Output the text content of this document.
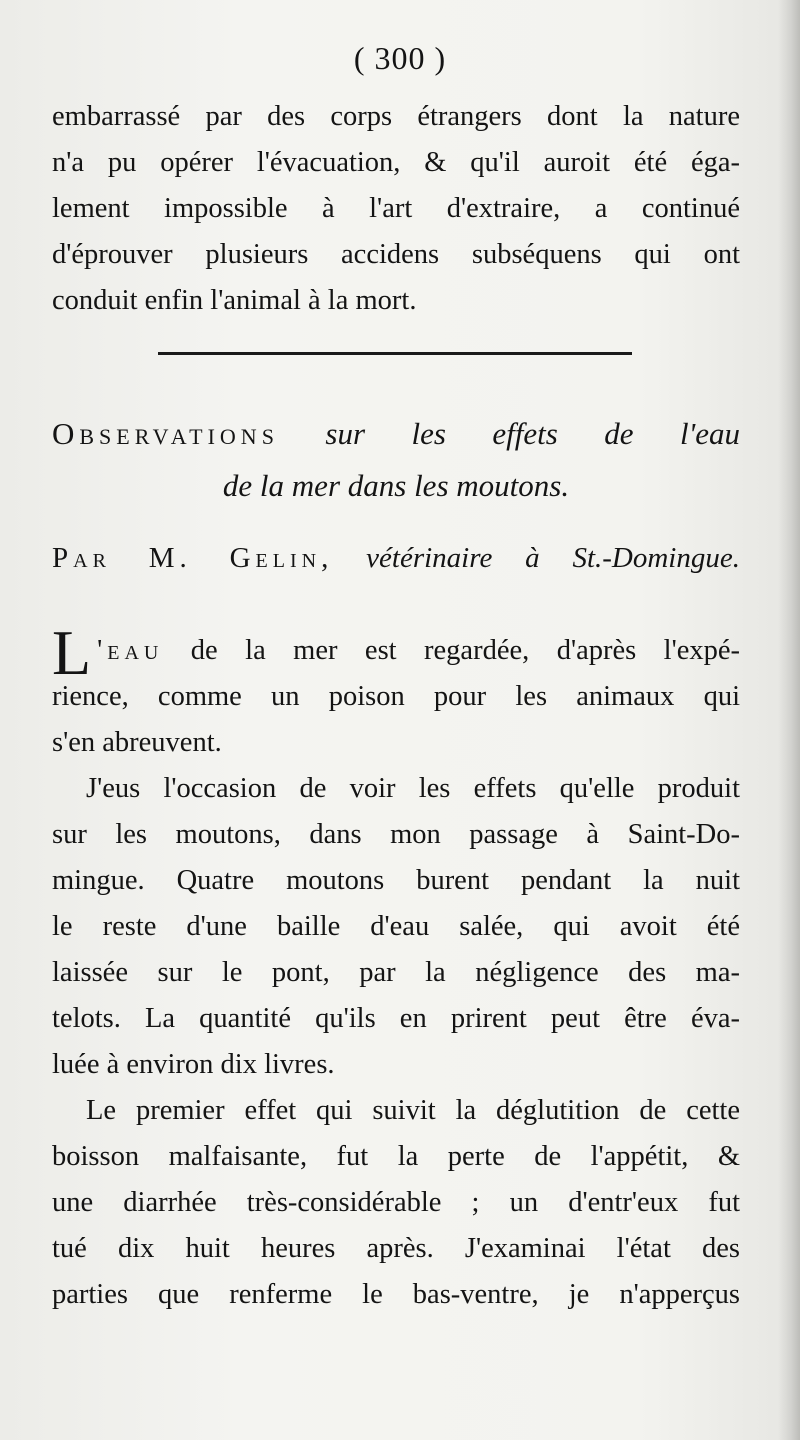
( 300 )
embarrassé par des corps étrangers dont la nature
n'a pu opérer l'évacuation, & qu'il auroit été éga-
lement impossible à l'art d'extraire, a continué
d'éprouver plusieurs accidens subséquens qui ont
conduit enfin l'animal à la mort.
Observations sur les effets de l'eau
de la mer dans les moutons.
Par M. Gelin, vétérinaire à St.-Domingue.
L 'eau de la mer est regardée, d'après l'expé-
rience, comme un poison pour les animaux qui
s'en abreuvent.
J'eus l'occasion de voir les effets qu'elle produit
sur les moutons, dans mon passage à Saint-Do-
mingue. Quatre moutons burent pendant la nuit
le reste d'une baille d'eau salée, qui avoit été
laissée sur le pont, par la négligence des ma-
telots. La quantité qu'ils en prirent peut être éva-
luée à environ dix livres.
Le premier effet qui suivit la déglutition de cette
boisson malfaisante, fut la perte de l'appétit, &
une diarrhée très-considérable ; un d'entr'eux fut
tué dix huit heures après. J'examinai l'état des
parties que renferme le bas-ventre, je n'apperçus
